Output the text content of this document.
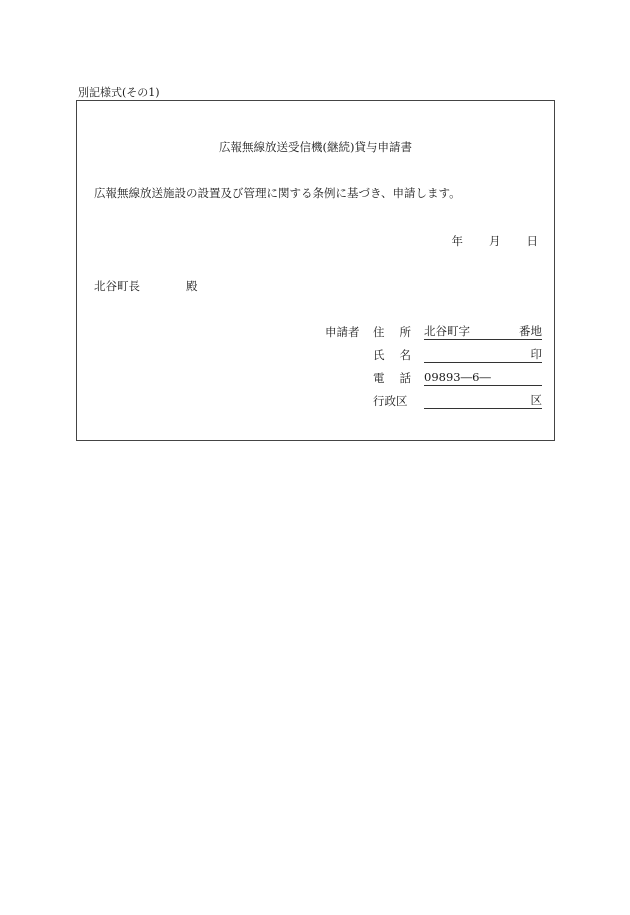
別記様式(その1)
広報無線放送受信機(継続)貸与申請書
広報無線放送施設の設置及び管理に関する条例に基づき、申請します。
年 月 日
北谷町長	殿
申請者 住 所 北谷町字	番地
氏 名	印
電 話 09893―6―
行政区	区
